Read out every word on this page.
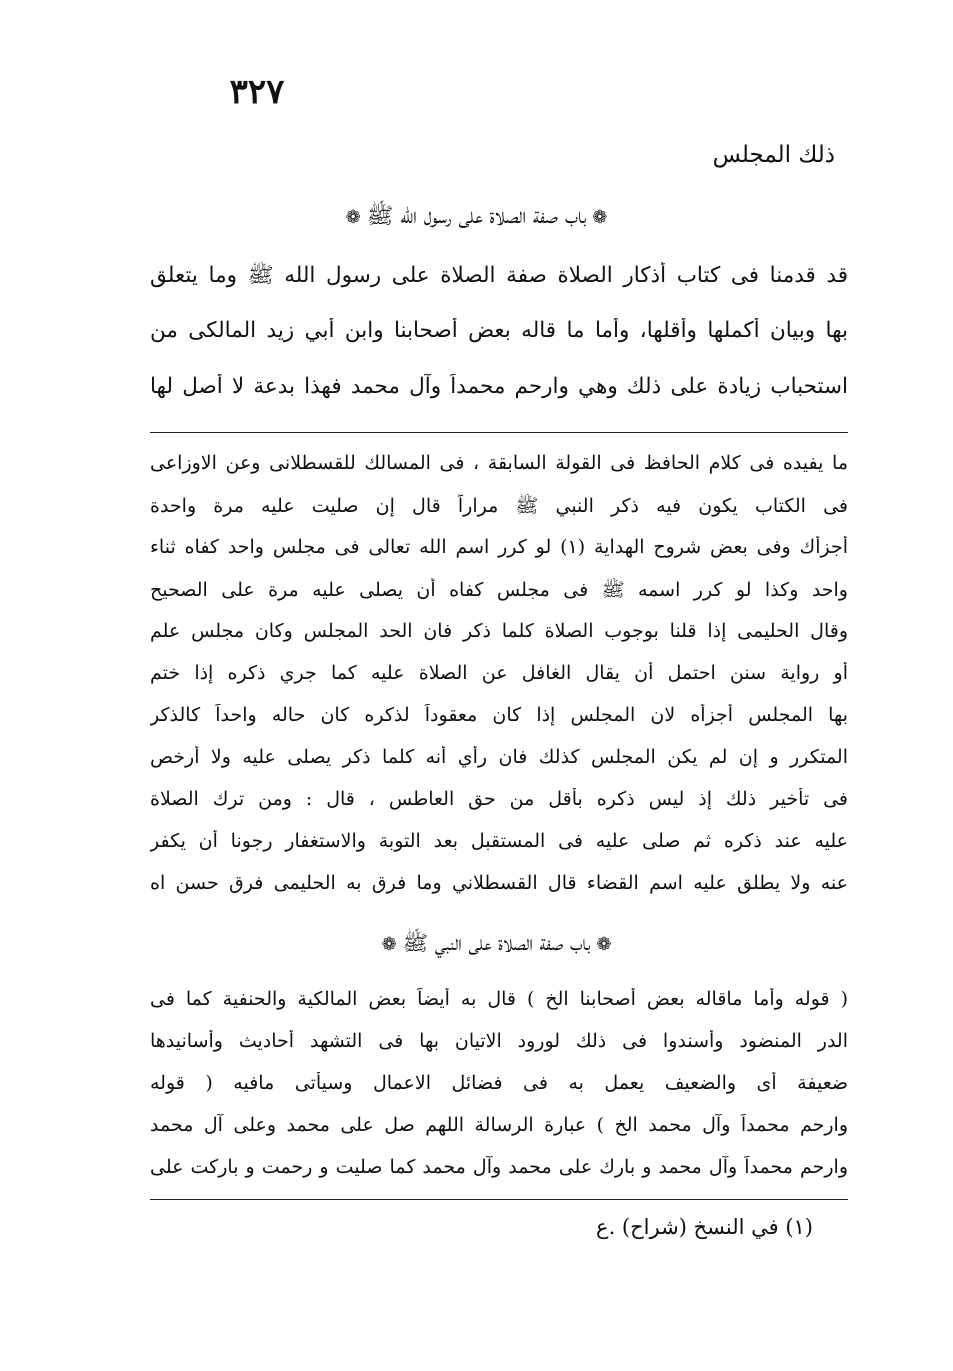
٣٢٧
ذلك المجلس
❁باب صفة الصلاة على رسول الله ﷺ❁
قد قدمنا فى كتاب أذكار الصلاة صفة الصلاة على رسول الله ﷺ وما يتعلق
بها وبيان أكملها وأقلها، وأما ما قاله بعض أصحابنا وابن أبي زيد المالكى من
استحباب زيادة على ذلك وهي وارحم محمداً وآل محمد فهذا بدعة لا أصل لها
ما يفيده فى كلام الحافظ فى القولة السابقة ، فى المسالك للقسطلانى وعن الاوزاعى
فى الكتاب يكون فيه ذكر النبي ﷺ مراراً قال إن صليت عليه مرة واحدة
أجزأك وفى بعض شروح الهداية (١) لو كرر اسم الله تعالى فى مجلس واحد كفاه ثناء
واحد وكذا لو كرر اسمه ﷺ فى مجلس كفاه أن يصلى عليه مرة على الصحيح
وقال الحليمى إذا قلنا بوجوب الصلاة كلما ذكر فان الحد المجلس وكان مجلس علم
أو رواية سنن احتمل أن يقال الغافل عن الصلاة عليه كما جري ذكره إذا ختم
بها المجلس أجزأه لان المجلس إذا كان معقوداً لذكره كان حاله واحداً كالذكر
المتكرر و إن لم يكن المجلس كذلك فان رأي أنه كلما ذكر يصلى عليه ولا أرخص
فى تأخير ذلك إذ ليس ذكره بأقل من حق العاطس ، قال : ومن ترك الصلاة
عليه عند ذكره ثم صلى عليه فى المستقبل بعد التوبة والاستغفار رجونا أن يكفر
عنه ولا يطلق عليه اسم القضاء قال القسطلاني وما فرق به الحليمى فرق حسن اه
❁باب صفة الصلاة على النبي ﷺ❁
( قوله وأما ماقاله بعض أصحابنا الخ ) قال به أيضاً بعض المالكية والحنفية كما فى
الدر المنضود وأسندوا فى ذلك لورود الاتيان بها فى التشهد أحاديث وأسانيدها
ضعيفة أى والضعيف يعمل به فى فضائل الاعمال وسيأتى مافيه ( قوله
وارحم محمداً وآل محمد الخ ) عبارة الرسالة اللهم صل على محمد وعلى آل محمد
وارحم محمداً وآل محمد و بارك على محمد وآل محمد كما صليت و رحمت و باركت على
(١) في النسخ (شراح) .ع
